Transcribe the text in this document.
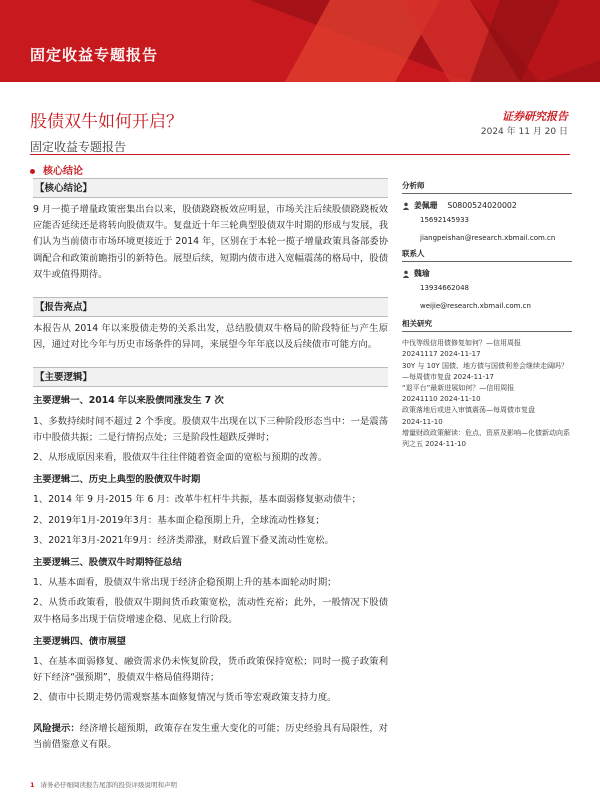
固定收益专题报告
股债双牛如何开启？	证券研究报告
2024 年 11 月 20 日
固定收益专题报告
核心结论
【核心结论】
9 月一揽子增量政策密集出台以来，股债跷跷板效应明显，市场关注后续股债跷跷板效应能否延续还是将转向股债双牛。复盘近十年三轮典型股债双牛时期的形成与发展，我们认为当前债市市场环境更接近于 2014 年，区别在于本轮一揽子增量政策具备部委协调配合和政策前瞻指引的新特色。展望后续，短期内债市进入宽幅震荡的格局中，股债双牛或值得期待。
【报告亮点】
本报告从 2014 年以来股债走势的关系出发，总结股债双牛格局的阶段特征与产生原因，通过对比今年与历史市场条件的异同，来展望今年年底以及后续债市可能方向。
【主要逻辑】
主要逻辑一、2014 年以来股债同涨发生 7 次
1、多数持续时间不超过 2 个季度。股债双牛出现在以下三种阶段形态当中：一是震荡市中股债共振；二是行情拐点处；三是阶段性超跌反弹时；
2、从形成原因来看，股债双牛往往伴随着资金面的宽松与预期的改善。
主要逻辑二、历史上典型的股债双牛时期
1、2014 年 9 月-2015 年 6 月：改革牛杠杆牛共振，基本面弱修复驱动债牛；
2、2019年1月-2019年3月：基本面企稳预期上升，全球流动性修复；
3、2021年3月-2021年9月：经济类滞涨，财政后置下叠叉流动性宽松。
主要逻辑三、股债双牛时期特征总结
1、从基本面看，股债双牛常出现于经济企稳预期上升的基本面轮动时期；
2、从货币政策看，股债双牛期间货币政策宽松，流动性充裕；此外，一般情况下股债双牛格局多出现于信贷增速企稳、见底上行阶段。
主要逻辑四、债市展望
1、在基本面弱修复、融资需求仍未恢复阶段，货币政策保持宽松；同时一揽子政策利好下经济“强预期”，股债双牛格局值得期待；
2、债市中长期走势仍需观察基本面修复情况与货币等宏观政策支持力度。
风险提示：经济增长超预期，政策存在发生重大变化的可能；历史经验具有局限性，对当前借鉴意义有限。
分析师
姜佩珊 S0800524020002
15692145933
jiangpeishan@research.xbmail.com.cn
联系人
魏瑜
13934662048
weijie@research.xbmail.com.cn
相关研究
中伐等级信用债修复如何？—信用周报
20241117 2024-11-17
30Y 与 10Y 国债、地方债与国债利差会继续走阔吗？—每周债市复盘 2024-11-17
“退平台”最新进展如何？—信用周报
20241110 2024-11-10
政策落地后或进入审慎震荡—每周债市复盘
2024-11-10
增量财政政策解读：危点、资质及影响—化债新动向系列之五 2024-11-10
1 请务必仔细阅读报告尾部的投资评级说明和声明
